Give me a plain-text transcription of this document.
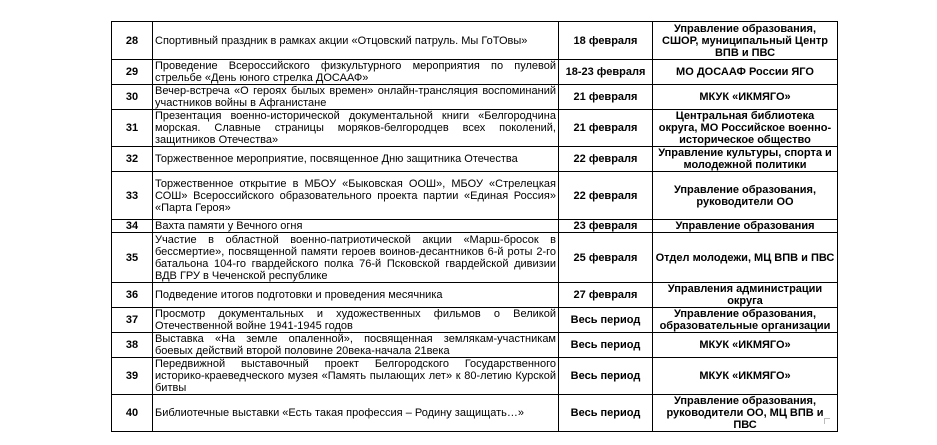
28	Спортивный праздник в рамках акции «Отцовский патруль. Мы ГоТОвы»	18 февраля	Управление образования, СШОР, муниципальный Центр ВПВ и ПВС
29	Проведение Всероссийского физкультурного мероприятия по пулевой стрельбе «День юного стрелка ДОСААФ»	18-23 февраля	МО ДОСААФ России ЯГО
30	Вечер-встреча «О героях былых времен» онлайн-трансляция воспоминаний участников войны в Афганистане	21 февраля	МКУК «ИКМЯГО»
31	Презентация военно-исторической документальной книги «Белгородчина морская. Славные страницы моряков-белгородцев всех поколений, защитников Отечества»	21 февраля	Центральная библиотека округа, МО Российское военно-историческое общество
32	Торжественное мероприятие, посвященное Дню защитника Отечества	22 февраля	Управление культуры, спорта и молодежной политики
33	Торжественное открытие в МБОУ «Быковская ООШ», МБОУ «Стрелецкая СОШ» Всероссийского образовательного проекта партии «Единая Россия» «Парта Героя»	22 февраля	Управление образования, руководители ОО
34	Вахта памяти у Вечного огня	23 февраля	Управление образования
35	Участие в областной военно-патриотической акции «Марш-бросок в бессмертие», посвященной памяти героев воинов-десантников 6-й роты 2-го батальона 104-го гвардейского полка 76-й Псковской гвардейской дивизии ВДВ ГРУ в Чеченской республике	25 февраля	Отдел молодежи, МЦ ВПВ и ПВС
36	Подведение итогов подготовки и проведения месячника	27 февраля	Управления администрации округа
37	Просмотр документальных и художественных фильмов о Великой Отечественной войне 1941-1945 годов	Весь период	Управление образования, образовательные организации
38	Выставка «На земле опаленной», посвященная землякам-участникам боевых действий второй половине 20века-начала 21века	Весь период	МКУК «ИКМЯГО»
39	Передвижной выставочный проект Белгородского Государственного историко-краеведческого музея «Память пылающих лет» к 80-летию Курской битвы	Весь период	МКУК «ИКМЯГО»
40	Библиотечные выставки «Есть такая профессия – Родину защищать…»	Весь период	Управление образования, руководители ОО, МЦ ВПВ и ПВС
